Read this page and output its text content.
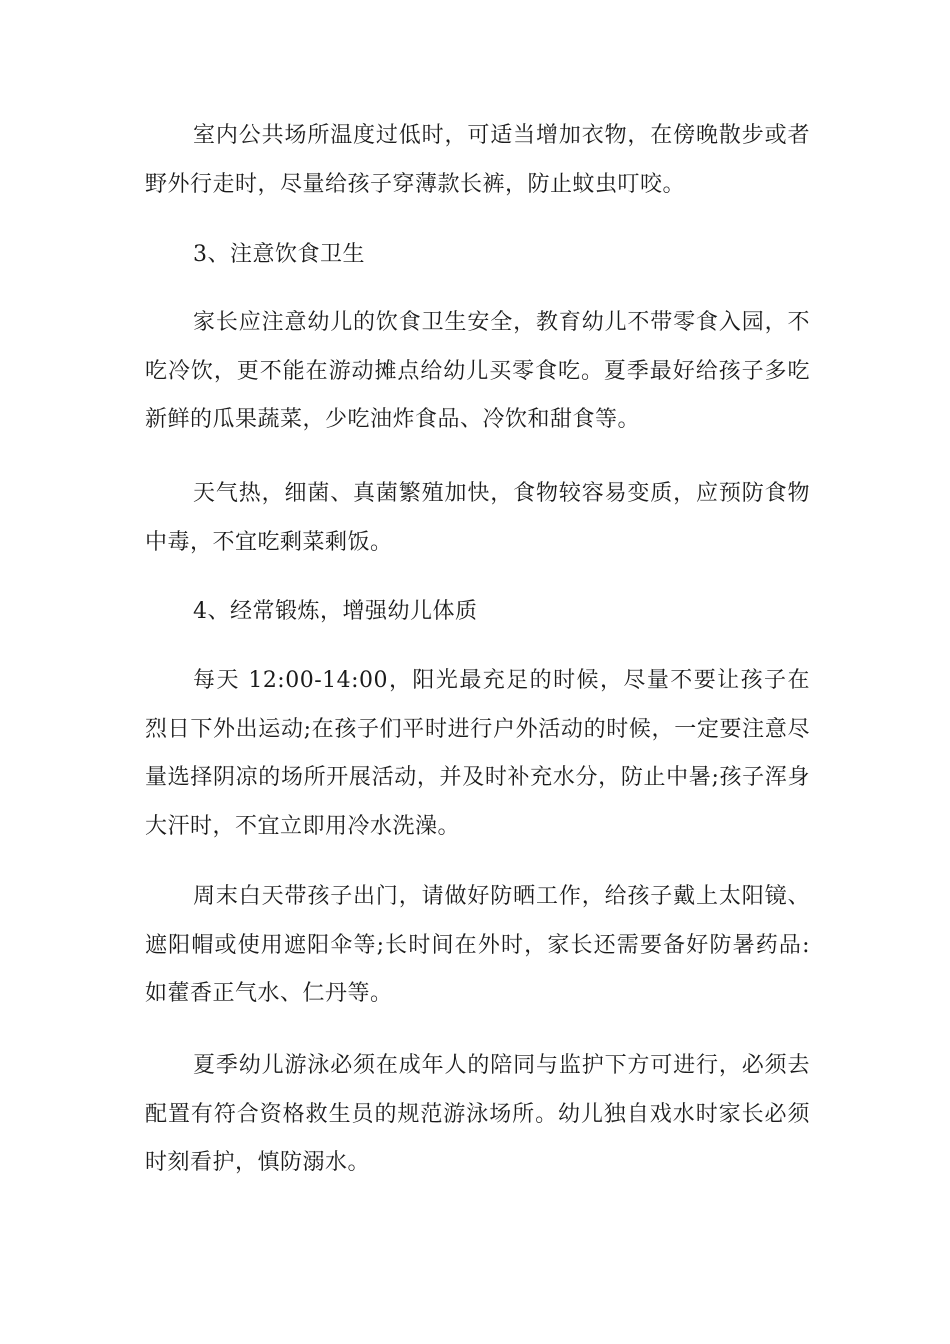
室内公共场所温度过低时，可适当增加衣物，在傍晚散步或者野外行走时，尽量给孩子穿薄款长裤，防止蚊虫叮咬。

3、注意饮食卫生

家长应注意幼儿的饮食卫生安全，教育幼儿不带零食入园，不吃冷饮，更不能在游动摊点给幼儿买零食吃。夏季最好给孩子多吃新鲜的瓜果蔬菜，少吃油炸食品、冷饮和甜食等。

天气热，细菌、真菌繁殖加快，食物较容易变质，应预防食物中毒，不宜吃剩菜剩饭。

4、经常锻炼，增强幼儿体质

每天 12:00-14:00，阳光最充足的时候，尽量不要让孩子在烈日下外出运动;在孩子们平时进行户外活动的时候，一定要注意尽量选择阴凉的场所开展活动，并及时补充水分，防止中暑;孩子浑身大汗时，不宜立即用冷水洗澡。

周末白天带孩子出门，请做好防晒工作，给孩子戴上太阳镜、遮阳帽或使用遮阳伞等;长时间在外时，家长还需要备好防暑药品:如藿香正气水、仁丹等。

夏季幼儿游泳必须在成年人的陪同与监护下方可进行，必须去配置有符合资格救生员的规范游泳场所。幼儿独自戏水时家长必须时刻看护，慎防溺水。
